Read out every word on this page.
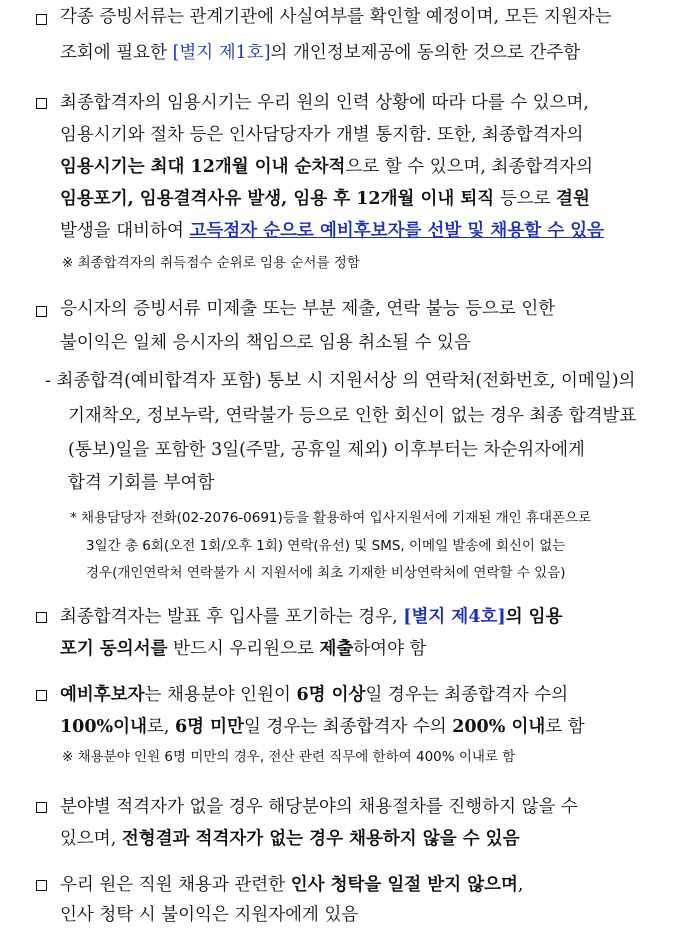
각종 증빙서류는 관계기관에 사실여부를 확인할 예정이며, 모든 지원자는
조회에 필요한 [별지 제1호]의 개인정보제공에 동의한 것으로 간주함
최종합격자의 임용시기는 우리 원의 인력 상황에 따라 다를 수 있으며,
임용시기와 절차 등은 인사담당자가 개별 통지함. 또한, 최종합격자의
임용시기는 최대 12개월 이내 순차적으로 할 수 있으며, 최종합격자의
임용포기, 임용결격사유 발생, 임용 후 12개월 이내 퇴직 등으로 결원
발생을 대비하여 고득점자 순으로 예비후보자를 선발 및 채용할 수 있음
※ 최종합격자의 취득점수 순위로 임용 순서를 정함
응시자의 증빙서류 미제출 또는 부분 제출, 연락 불능 등으로 인한
불이익은 일체 응시자의 책임으로 임용 취소될 수 있음
- 최종합격(예비합격자 포함) 통보 시 지원서상 의 연락처(전화번호, 이메일)의
기재착오, 정보누락, 연락불가 등으로 인한 회신이 없는 경우 최종 합격발표
(통보)일을 포함한 3일(주말, 공휴일 제외) 이후부터는 차순위자에게
합격 기회를 부여함
* 채용담당자 전화(02-2076-0691)등을 활용하여 입사지원서에 기재된 개인 휴대폰으로
3일간 총 6회(오전 1회/오후 1회) 연락(유선) 및 SMS, 이메일 발송에 회신이 없는
경우(개인연락처 연락불가 시 지원서에 최초 기재한 비상연락처에 연락할 수 있음)
최종합격자는 발표 후 입사를 포기하는 경우, [별지 제4호]의 임용
포기 동의서를 반드시 우리원으로 제출하여야 함
예비후보자는 채용분야 인원이 6명 이상일 경우는 최종합격자 수의
100%이내로, 6명 미만일 경우는 최종합격자 수의 200% 이내로 함
※ 채용분야 인원 6명 미만의 경우, 전산 관련 직무에 한하여 400% 이내로 함
분야별 적격자가 없을 경우 해당분야의 채용절차를 진행하지 않을 수
있으며, 전형결과 적격자가 없는 경우 채용하지 않을 수 있음
우리 원은 직원 채용과 관련한 인사 청탁을 일절 받지 않으며,
인사 청탁 시 불이익은 지원자에게 있음
